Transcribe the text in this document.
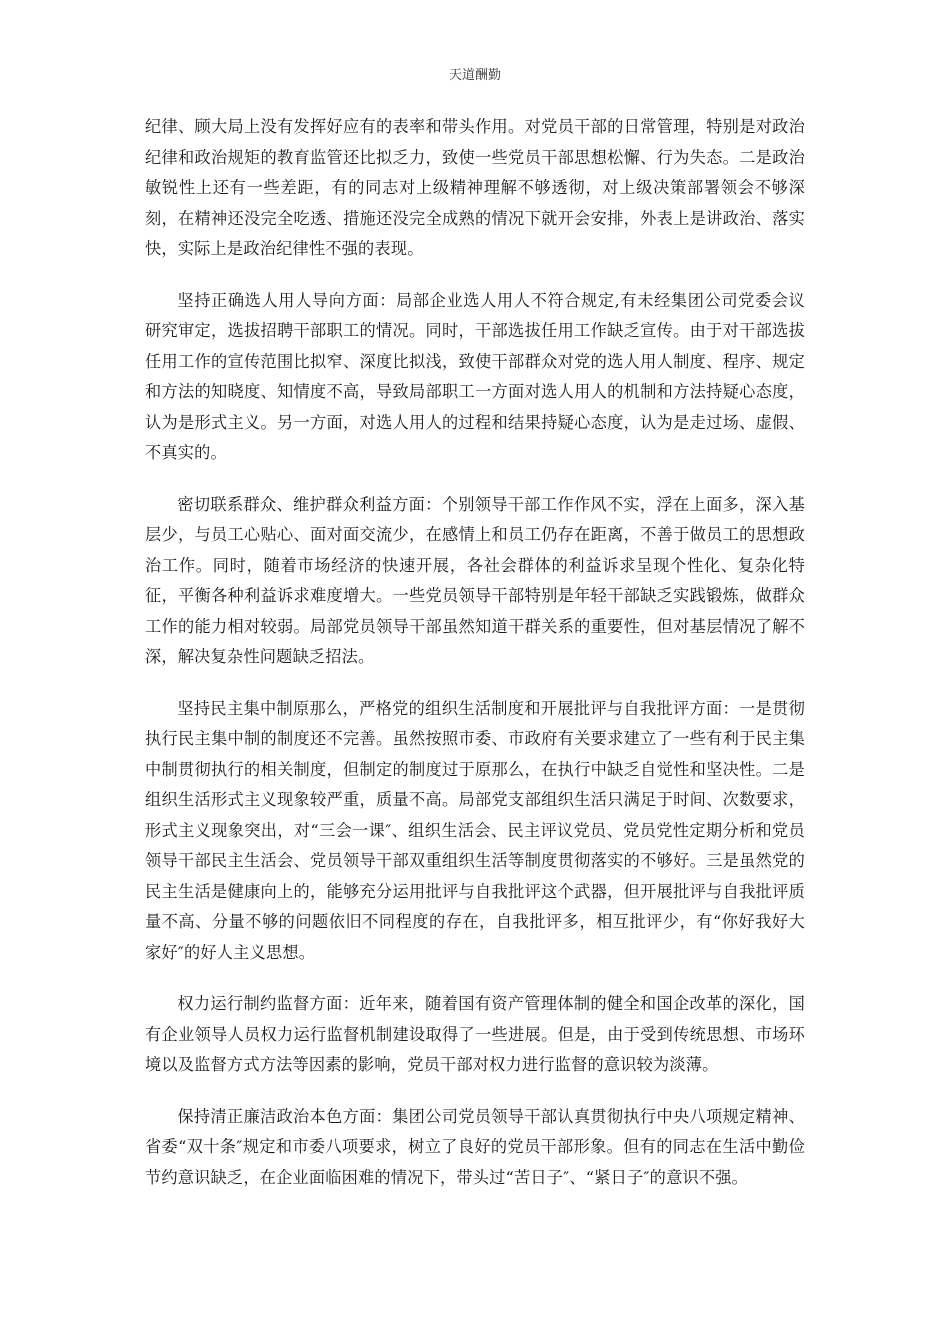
天道酬勤

纪律、顾大局上没有发挥好应有的表率和带头作用。对党员干部的日常管理，特别是对政治纪律和政治规矩的教育监管还比拟乏力，致使一些党员干部思想松懈、行为失态。二是政治敏锐性上还有一些差距，有的同志对上级精神理解不够透彻，对上级决策部署领会不够深刻，在精神还没完全吃透、措施还没完全成熟的情况下就开会安排，外表上是讲政治、落实快，实际上是政治纪律性不强的表现。

坚持正确选人用人导向方面：局部企业选人用人不符合规定,有未经集团公司党委会议研究审定，选拔招聘干部职工的情况。同时，干部选拔任用工作缺乏宣传。由于对干部选拔任用工作的宣传范围比拟窄、深度比拟浅，致使干部群众对党的选人用人制度、程序、规定和方法的知晓度、知情度不高，导致局部职工一方面对选人用人的机制和方法持疑心态度，认为是形式主义。另一方面，对选人用人的过程和结果持疑心态度，认为是走过场、虚假、不真实的。

密切联系群众、维护群众利益方面：个别领导干部工作作风不实，浮在上面多，深入基层少，与员工心贴心、面对面交流少，在感情上和员工仍存在距离，不善于做员工的思想政治工作。同时，随着市场经济的快速开展，各社会群体的利益诉求呈现个性化、复杂化特征，平衡各种利益诉求难度增大。一些党员领导干部特别是年轻干部缺乏实践锻炼，做群众工作的能力相对较弱。局部党员领导干部虽然知道干群关系的重要性，但对基层情况了解不深，解决复杂性问题缺乏招法。

坚持民主集中制原那么，严格党的组织生活制度和开展批评与自我批评方面：一是贯彻执行民主集中制的制度还不完善。虽然按照市委、市政府有关要求建立了一些有利于民主集中制贯彻执行的相关制度，但制定的制度过于原那么，在执行中缺乏自觉性和坚决性。二是组织生活形式主义现象较严重，质量不高。局部党支部组织生活只满足于时间、次数要求，形式主义现象突出，对“三会一课″、组织生活会、民主评议党员、党员党性定期分析和党员领导干部民主生活会、党员领导干部双重组织生活等制度贯彻落实的不够好。三是虽然党的民主生活是健康向上的，能够充分运用批评与自我批评这个武器，但开展批评与自我批评质量不高、分量不够的问题依旧不同程度的存在，自我批评多，相互批评少，有“你好我好大家好″的好人主义思想。

权力运行制约监督方面：近年来，随着国有资产管理体制的健全和国企改革的深化，国有企业领导人员权力运行监督机制建设取得了一些进展。但是，由于受到传统思想、市场环境以及监督方式方法等因素的影响，党员干部对权力进行监督的意识较为淡薄。

保持清正廉洁政治本色方面：集团公司党员领导干部认真贯彻执行中央八项规定精神、省委“双十条″规定和市委八项要求，树立了良好的党员干部形象。但有的同志在生活中勤俭节约意识缺乏，在企业面临困难的情况下，带头过“苦日子″、“紧日子″的意识不强。
